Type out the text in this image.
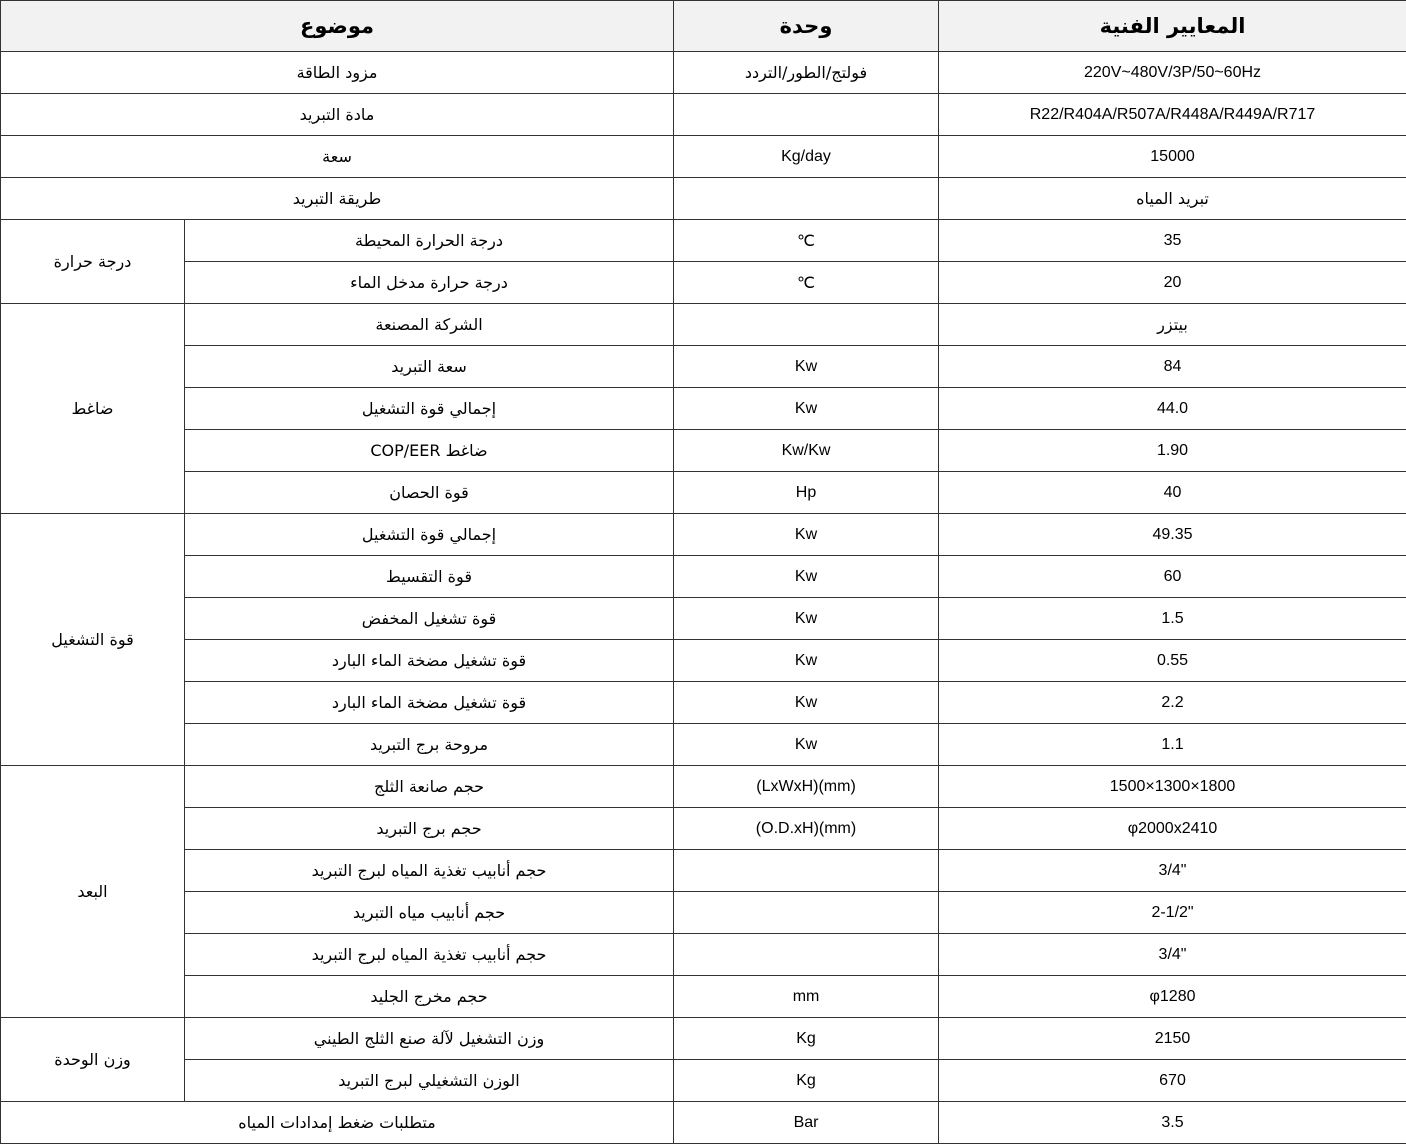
موضوع		وحدة	المعايير الفنية
مزود الطاقة		فولتج/الطور/التردد	220V~480V/3P/50~60Hz
مادة التبريد			R22/R404A/R507A/R448A/R449A/R717
سعة		Kg/day	15000
طريقة التبريد			تبريد المياه
درجة حرارة	درجة الحرارة المحيطة	℃	35
	درجة حرارة مدخل الماء	℃	20
ضاغط	الشركة المصنعة		بيتزر
	سعة التبريد	Kw	84
	إجمالي قوة التشغيل	Kw	44.0
	COP/EER ضاغط	Kw/Kw	1.90
	قوة الحصان	Hp	40
قوة التشغيل	إجمالي قوة التشغيل	Kw	49.35
	قوة التقسيط	Kw	60
	قوة تشغيل المخفض	Kw	1.5
	قوة تشغيل مضخة الماء البارد	Kw	0.55
	قوة تشغيل مضخة الماء البارد	Kw	2.2
	مروحة برج التبريد	Kw	1.1
البعد	حجم صانعة الثلج	(LxWxH)(mm)	1500×1300×1800
	حجم برج التبريد	(O.D.xH)(mm)	φ2000x2410
	حجم أنابيب تغذية المياه لبرج التبريد		3/4"
	حجم أنابيب مياه التبريد		2-1/2"
	حجم أنابيب تغذية المياه لبرج التبريد		3/4"
	حجم مخرج الجليد	mm	φ1280
وزن الوحدة	وزن التشغيل لآلة صنع الثلج الطيني	Kg	2150
	الوزن التشغيلي لبرج التبريد	Kg	670
متطلبات ضغط إمدادات المياه		Bar	3.5
